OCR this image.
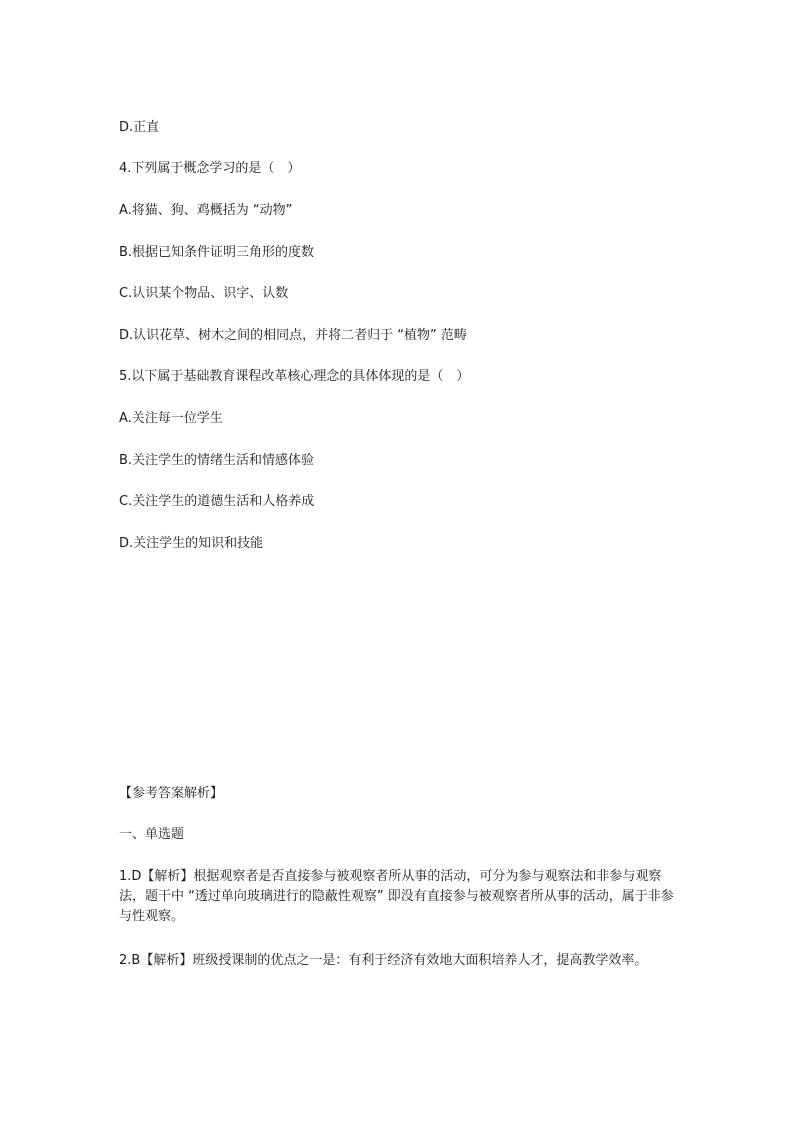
D.正直
4.下列属于概念学习的是（　）
A.将猫、狗、鸡概括为 “动物”
B.根据已知条件证明三角形的度数
C.认识某个物品、识字、认数
D.认识花草、树木之间的相同点，并将二者归于 “植物” 范畴
5.以下属于基础教育课程改革核心理念的具体体现的是（　）
A.关注每一位学生
B.关注学生的情绪生活和情感体验
C.关注学生的道德生活和人格养成
D.关注学生的知识和技能
【参考答案解析】
一、单选题
1.D【解析】根据观察者是否直接参与被观察者所从事的活动，可分为参与观察法和非参与观察法，题干中 “透过单向玻璃进行的隐蔽性观察” 即没有直接参与被观察者所从事的活动，属于非参与性观察。
2.B【解析】班级授课制的优点之一是：有利于经济有效地大面积培养人才，提高教学效率。
